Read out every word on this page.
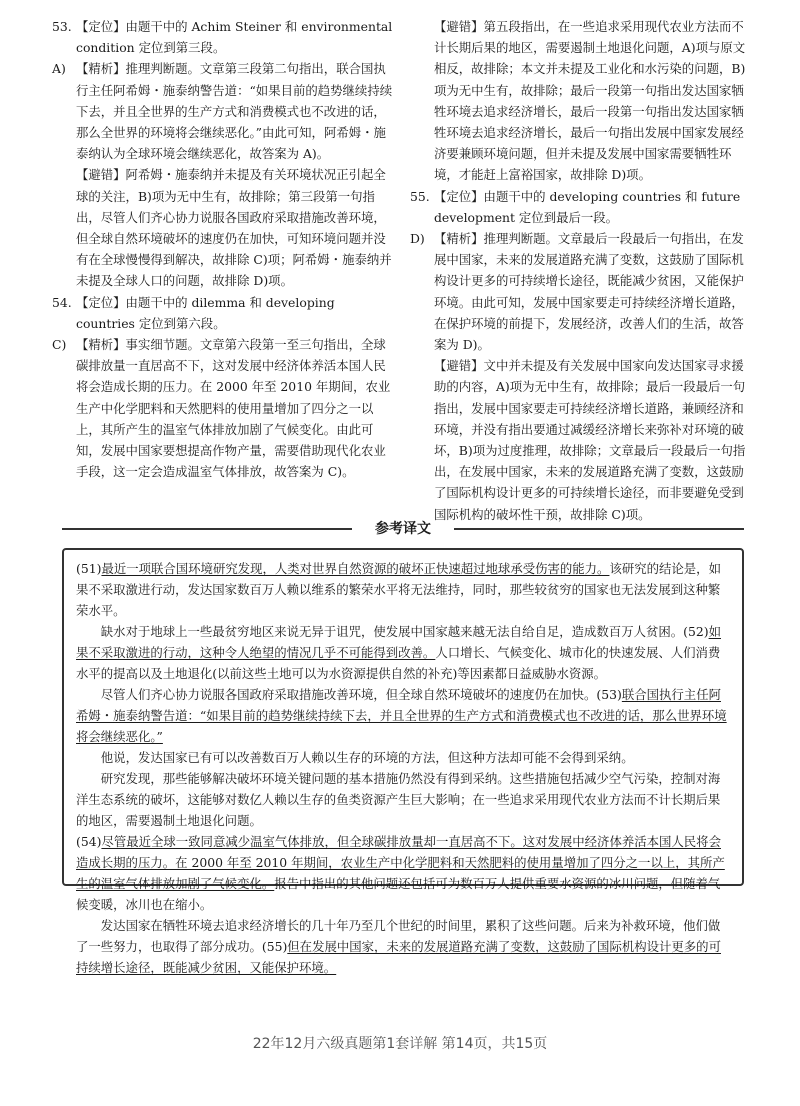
53. 【定位】由题干中的 Achim Steiner 和 environmental condition 定位到第三段。
A) 【精析】推理判断题。文章第三段第二句指出，联合国执行主任阿希姆・施泰纳警告道：“如果目前的趋势继续持续下去，并且全世界的生产方式和消费模式也不改进的话，那么全世界的环境将会继续恶化。”由此可知，阿希姆・施泰纳认为全球环境会继续恶化，故答案为 A)。
【避错】阿希姆・施泰纳并未提及有关环境状况正引起全球的关注，B)项为无中生有，故排除；第三段第一句指出，尽管人们齐心协力说服各国政府采取措施改善环境，但全球自然环境破坏的速度仍在加快，可知环境问题并没有在全球慢慢得到解决，故排除 C)项；阿希姆・施泰纳并未提及全球人口的问题，故排除 D)项。
54. 【定位】由题干中的 dilemma 和 developing countries 定位到第六段。
C) 【精析】事实细节题。文章第六段第一至三句指出，全球碳排放量一直居高不下，这对发展中经济体养活本国人民将会造成长期的压力。在 2000 年至 2010 年期间，农业生产中化学肥料和天然肥料的使用量增加了四分之一以上，其所产生的温室气体排放加剧了气候变化。由此可知，发展中国家要想提高作物产量，需要借助现代化农业手段，这一定会造成温室气体排放，故答案为 C)。
【避错】第五段指出，在一些追求采用现代农业方法而不计长期后果的地区，需要遏制土地退化问题，A)项与原文相反，故排除；本文并未提及工业化和水污染的问题，B)项为无中生有，故排除；最后一段第一句指出发达国家牺牲环境去追求经济增长，最后一段第一句指出发达国家牺牲环境去追求经济增长，最后一句指出发展中国家发展经济要兼顾环境问题，但并未提及发展中国家需要牺牲环境，才能赶上富裕国家，故排除 D)项。
55. 【定位】由题干中的 developing countries 和 future development 定位到最后一段。
D) 【精析】推理判断题。文章最后一段最后一句指出，在发展中国家，未来的发展道路充满了变数，这鼓励了国际机构设计更多的可持续增长途径，既能减少贫困，又能保护环境。由此可知，发展中国家要走可持续经济增长道路，在保护环境的前提下，发展经济，改善人们的生活，故答案为 D)。
【避错】文中并未提及有关发展中国家向发达国家寻求援助的内容，A)项为无中生有，故排除；最后一段最后一句指出，发展中国家要走可持续经济增长道路，兼顾经济和环境，并没有指出要通过减缓经济增长来弥补对环境的破坏，B)项为过度推理，故排除；文章最后一段最后一句指出，在发展中国家，未来的发展道路充满了变数，这鼓励了国际机构设计更多的可持续增长途径，而非要避免受到国际机构的破坏性干预，故排除 C)项。
参考译文

(51)最近一项联合国环境研究发现，人类对世界自然资源的破坏正快速超过地球承受伤害的能力。该研究的结论是，如果不采取激进行动，发达国家数百万人赖以维系的繁荣水平将无法维持，同时，那些较贫穷的国家也无法发展到这种繁荣水平。

缺水对于地球上一些最贫穷地区来说无异于诅咒，使发展中国家越来越无法自给自足，造成数百万人贫困。(52)如果不采取激进的行动，这种令人绝望的情况几乎不可能得到改善。人口增长、气候变化、城市化的快速发展、人们消费水平的提高以及土地退化(以前这些土地可以为水资源提供自然的补充)等因素都日益威胁水资源。

尽管人们齐心协力说服各国政府采取措施改善环境，但全球自然环境破坏的速度仍在加快。(53)联合国执行主任阿希姆・施泰纳警告道：“如果目前的趋势继续持续下去，并且全世界的生产方式和消费模式也不改进的话，那么世界环境将会继续恶化。”

他说，发达国家已有可以改善数百万人赖以生存的环境的方法，但这种方法却可能不会得到采纳。

研究发现，那些能够解决破坏环境关键问题的基本措施仍然没有得到采纳。这些措施包括减少空气污染，控制对海洋生态系统的破坏，这能够对数亿人赖以生存的鱼类资源产生巨大影响；在一些追求采用现代农业方法而不计长期后果的地区，需要遏制土地退化问题。

(54)尽管最近全球一致同意减少温室气体排放，但全球碳排放量却一直居高不下。这对发展中经济体养活本国人民将会造成长期的压力。在 2000 年至 2010 年期间，农业生产中化学肥料和天然肥料的使用量增加了四分之一以上，其所产生的温室气体排放加剧了气候变化。报告中指出的其他问题还包括可为数百万人提供重要水资源的冰川问题，但随着气候变暖，冰川也在缩小。

发达国家在牺牲环境去追求经济增长的几十年乃至几个世纪的时间里，累积了这些问题。后来为补救环境，他们做了一些努力，也取得了部分成功。(55)但在发展中国家，未来的发展道路充满了变数，这鼓励了国际机构设计更多的可持续增长途径，既能减少贫困，又能保护环境。

22年12月六级真题第1套详解 第14页，共15页
